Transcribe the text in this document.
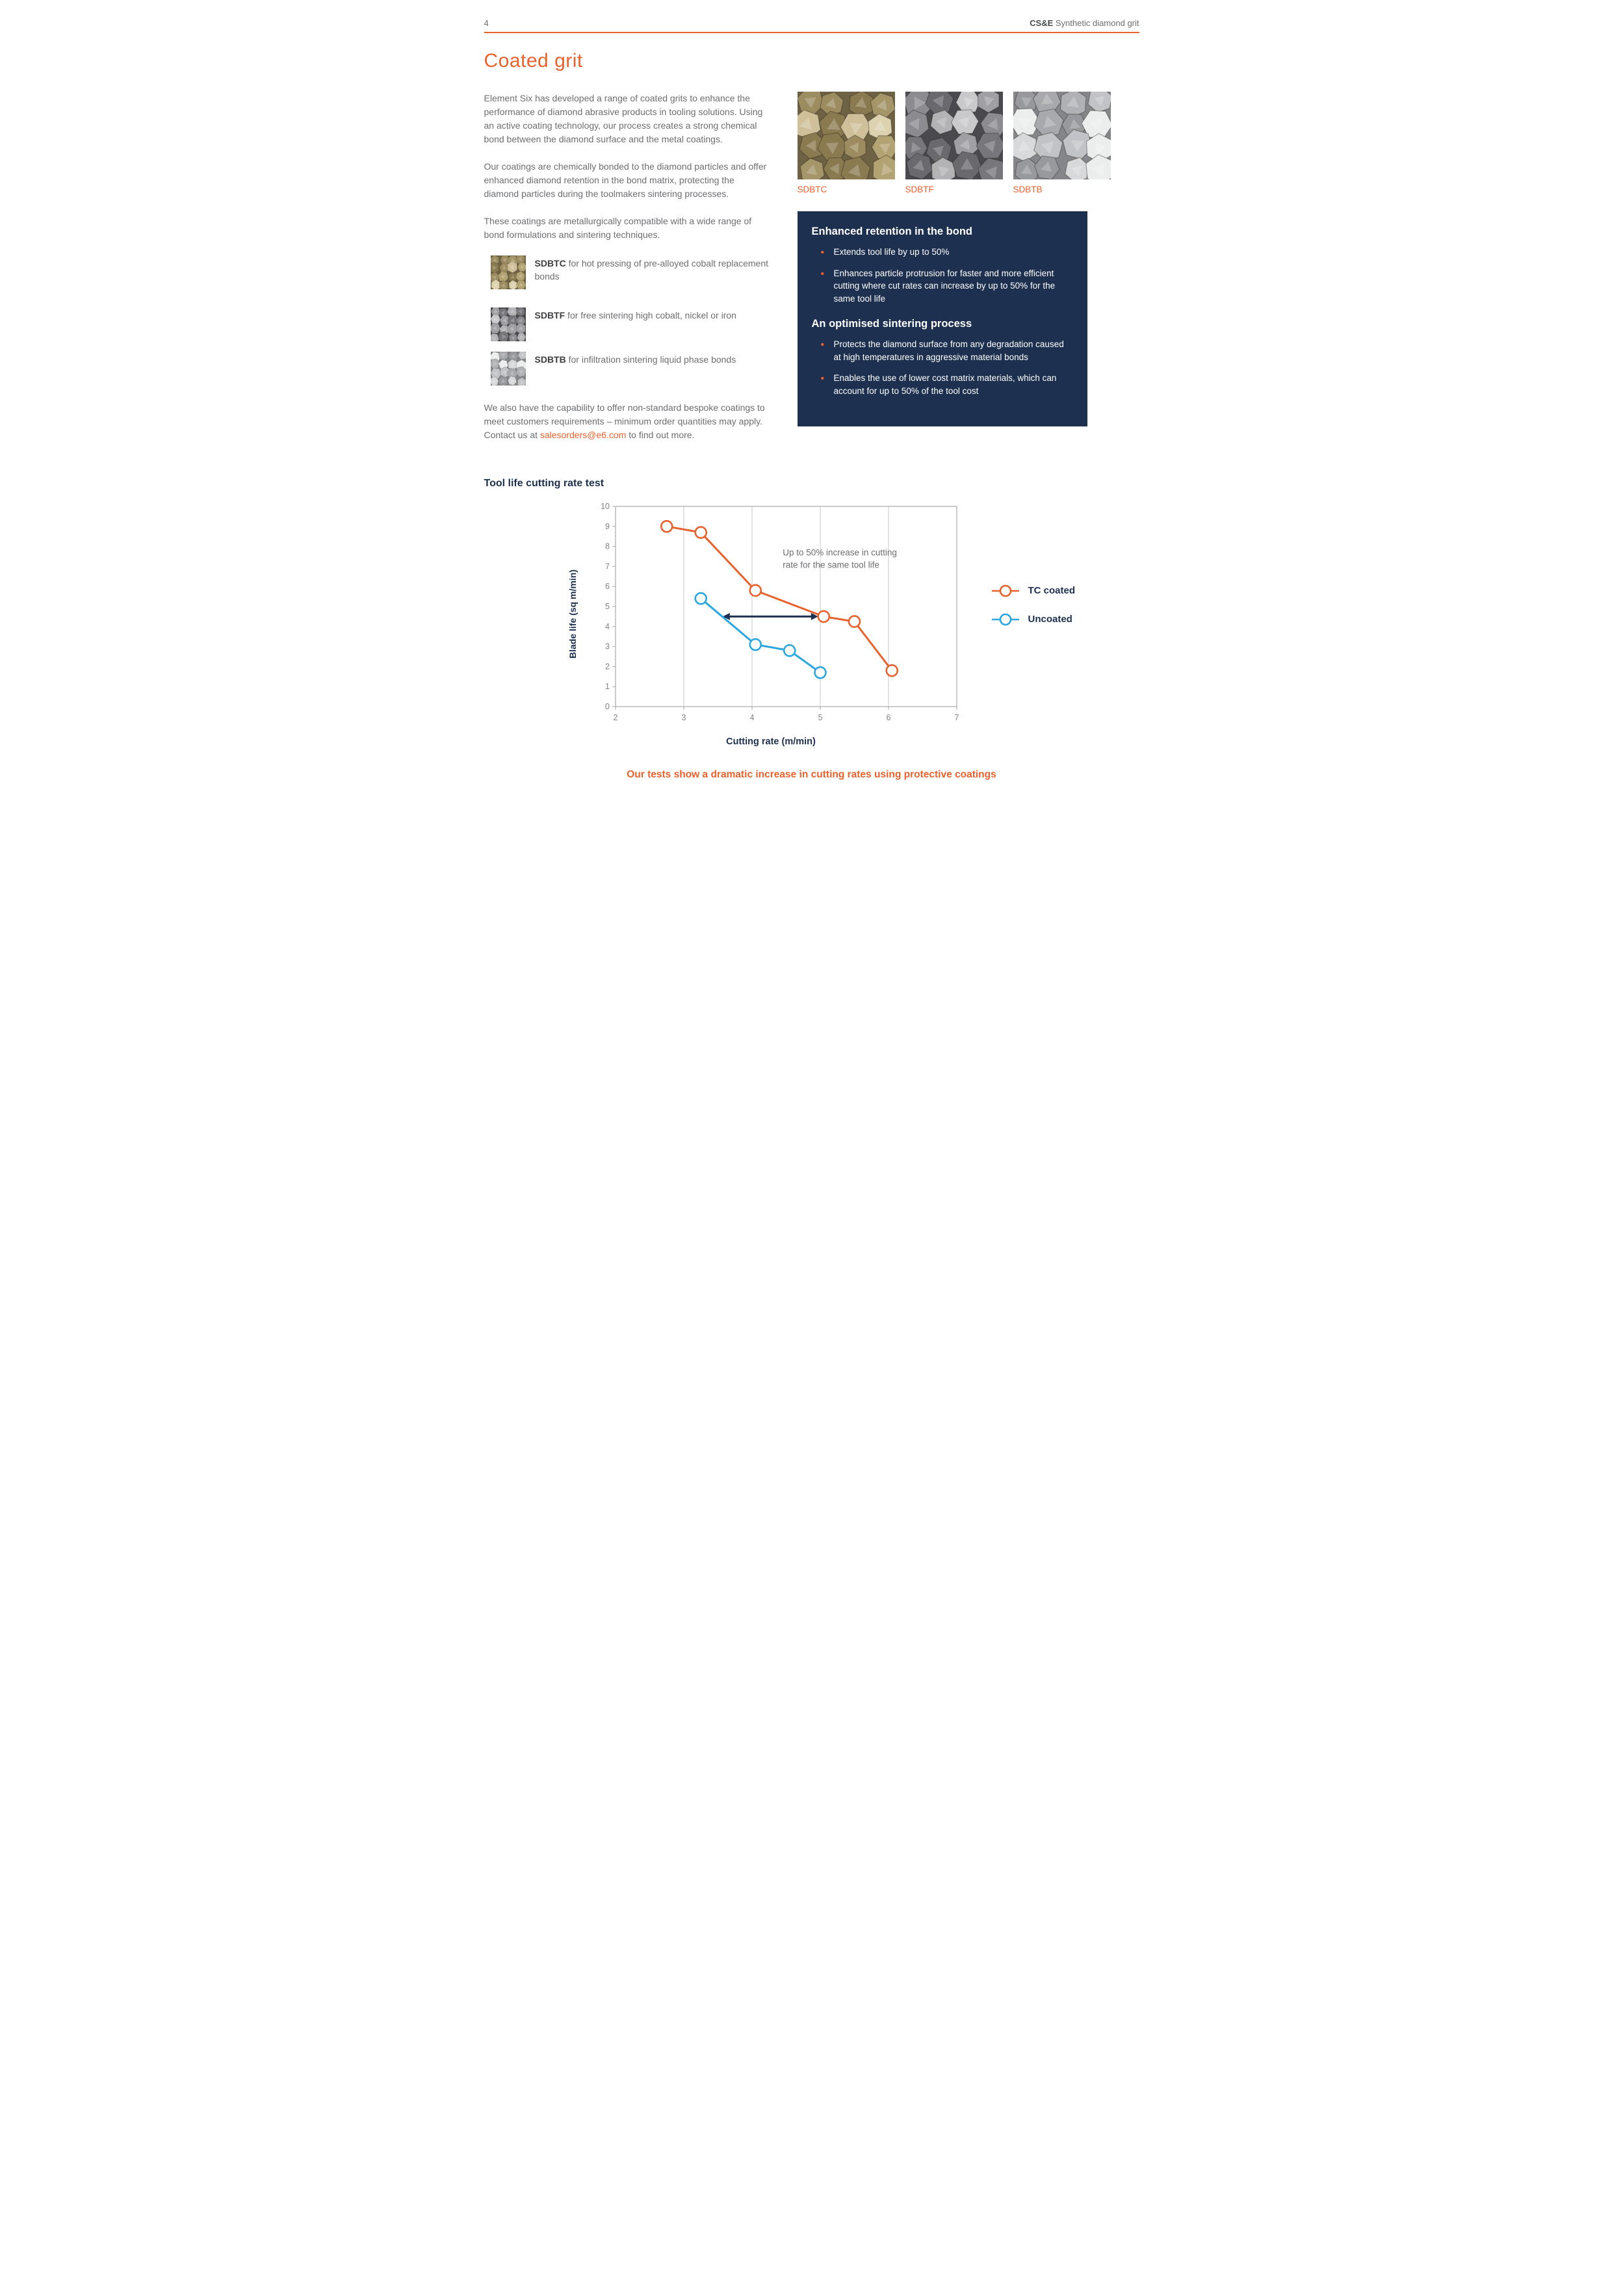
4	CS&E Synthetic diamond grit
Coated grit

Element Six has developed a range of coated grits to enhance the performance of diamond abrasive products in tooling solutions. Using an active coating technology, our process creates a strong chemical bond between the diamond surface and the metal coatings.

Our coatings are chemically bonded to the diamond particles and offer enhanced diamond retention in the bond matrix, protecting the diamond particles during the toolmakers sintering processes.

These coatings are metallurgically compatible with a wide range of bond formulations and sintering techniques.

SDBTC for hot pressing of pre-alloyed cobalt replacement bonds

SDBTF for free sintering high cobalt, nickel or iron

SDBTB for infiltration sintering liquid phase bonds

We also have the capability to offer non-standard bespoke coatings to meet customers requirements – minimum order quantities may apply. Contact us at salesorders@e6.com to find out more.

SDBTC	SDBTF	SDBTB
Enhanced retention in the bond
• Extends tool life by up to 50%
• Enhances particle protrusion for faster and more efficient cutting where cut rates can increase by up to 50% for the same tool life
An optimised sintering process
• Protects the diamond surface from any degradation caused at high temperatures in aggressive material bonds
• Enables the use of lower cost matrix materials, which can account for up to 50% of the tool cost
Tool life cutting rate test
Blade life (sq m/min)
0
1
2
3
4
5
6
7
8
9
10
2	3	4	5	6	7
Up to 50% increase in cutting
rate for the same tool life
TC coated
Uncoated
Cutting rate (m/min)
Our tests show a dramatic increase in cutting rates using protective coatings
